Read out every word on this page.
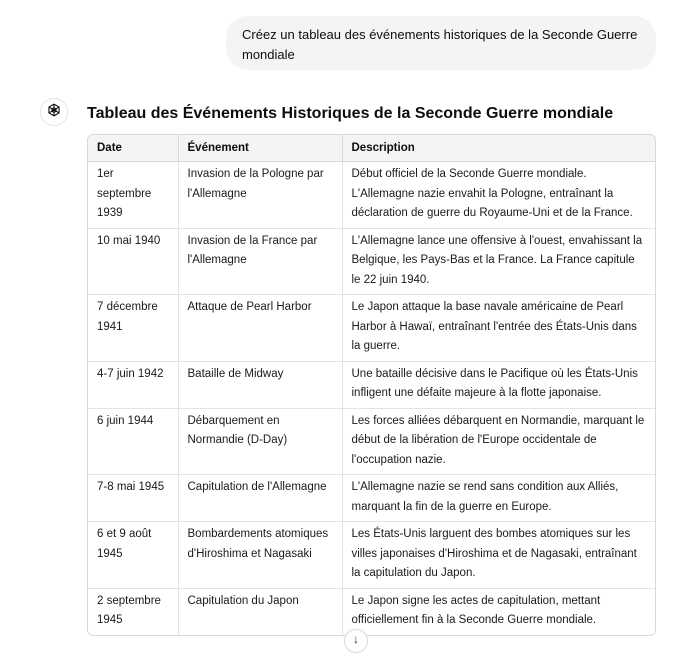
Créez un tableau des événements historiques de la Seconde Guerre mondiale
Tableau des Événements Historiques de la Seconde Guerre mondiale
Date	Événement	Description
1er septembre 1939	Invasion de la Pologne par l'Allemagne	Début officiel de la Seconde Guerre mondiale. L'Allemagne nazie envahit la Pologne, entraînant la déclaration de guerre du Royaume-Uni et de la France.
10 mai 1940	Invasion de la France par l'Allemagne	L'Allemagne lance une offensive à l'ouest, envahissant la Belgique, les Pays-Bas et la France. La France capitule le 22 juin 1940.
7 décembre 1941	Attaque de Pearl Harbor	Le Japon attaque la base navale américaine de Pearl Harbor à Hawaï, entraînant l'entrée des États-Unis dans la guerre.
4-7 juin 1942	Bataille de Midway	Une bataille décisive dans le Pacifique où les États-Unis infligent une défaite majeure à la flotte japonaise.
6 juin 1944	Débarquement en Normandie (D-Day)	Les forces alliées débarquent en Normandie, marquant le début de la libération de l'Europe occidentale de l'occupation nazie.
7-8 mai 1945	Capitulation de l'Allemagne	L'Allemagne nazie se rend sans condition aux Alliés, marquant la fin de la guerre en Europe.
6 et 9 août 1945	Bombardements atomiques d'Hiroshima et Nagasaki	Les États-Unis larguent des bombes atomiques sur les villes japonaises d'Hiroshima et de Nagasaki, entraînant la capitulation du Japon.
2 septembre 1945	Capitulation du Japon	Le Japon signe les actes de capitulation, mettant officiellement fin à la Seconde Guerre mondiale.
↓
